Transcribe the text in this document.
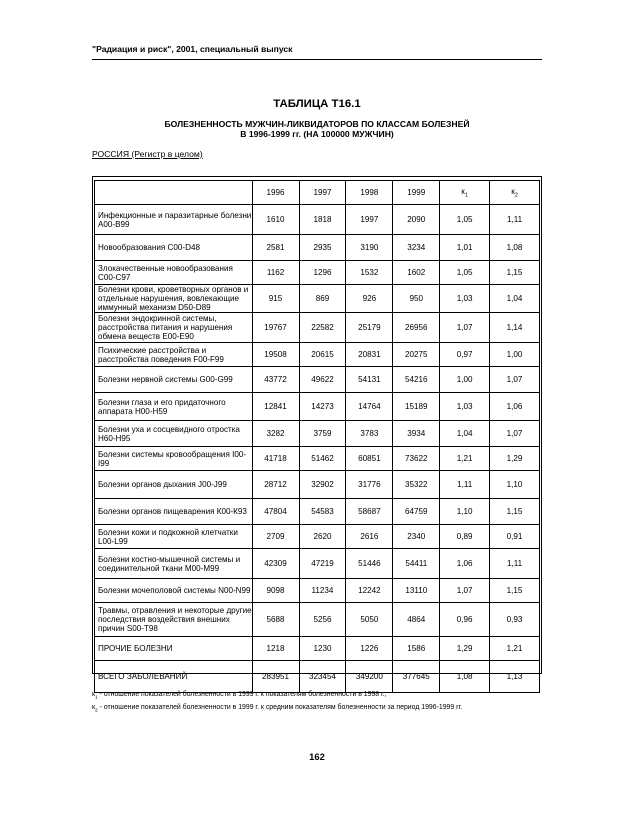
"Радиация и риск", 2001, специальный выпуск
ТАБЛИЦА Т16.1
БОЛЕЗНЕННОСТЬ МУЖЧИН-ЛИКВИДАТОРОВ ПО КЛАССАМ БОЛЕЗНЕЙ
В 1996-1999 гг. (НА 100000 МУЖЧИН)
РОССИЯ (Регистр в целом)
	1996	1997	1998	1999	$к_1$	$к_2$
Инфекционные и паразитарные болезни А00-В99	1610	1818	1997	2090	1,05	1,11
Новообразования С00-D48	2581	2935	3190	3234	1,01	1,08
Злокачественные новообразования С00-С97	1162	1296	1532	1602	1,05	1,15
Болезни крови, кроветворных органов и отдельные нарушения, вовлекающие иммунный механизм D50-D89	915	869	926	950	1,03	1,04
Болезни эндокринной системы, расстройства питания и нарушения обмена веществ Е00-Е90	19767	22582	25179	26956	1,07	1,14
Психические расстройства и расстройства поведения F00-F99	19508	20615	20831	20275	0,97	1,00
Болезни нервной системы G00-G99	43772	49622	54131	54216	1,00	1,07
Болезни глаза и его придаточного аппарата Н00-Н59	12841	14273	14764	15189	1,03	1,06
Болезни уха и сосцевидного отростка Н60-Н95	3282	3759	3783	3934	1,04	1,07
Болезни системы кровообращения I00-I99	41718	51462	60851	73622	1,21	1,29
Болезни органов дыхания J00-J99	28712	32902	31776	35322	1,11	1,10
Болезни органов пищеварения К00-К93	47804	54583	58687	64759	1,10	1,15
Болезни кожи и подкожной клетчатки L00-L99	2709	2620	2616	2340	0,89	0,91
Болезни костно-мышечной системы и соединительной ткани М00-М99	42309	47219	51446	54411	1,06	1,11
Болезни мочеполовой системы N00-N99	9098	11234	12242	13110	1,07	1,15
Травмы, отравления и некоторые другие последствия воздействия внешних причин S00-T98	5688	5256	5050	4864	0,96	0,93
ПРОЧИЕ БОЛЕЗНИ	1218	1230	1226	1586	1,29	1,21
ВСЕГО ЗАБОЛЕВАНИЙ	283951	323454	349200	377645	1,08	1,13
$к_1$ - отношение показателей болезненности в 1999 г. к показателям болезненности в 1998 г.;
$к_2$ - отношение показателей болезненности в 1999 г. к средним показателям болезненности за период 1996-1999 гг.
162
